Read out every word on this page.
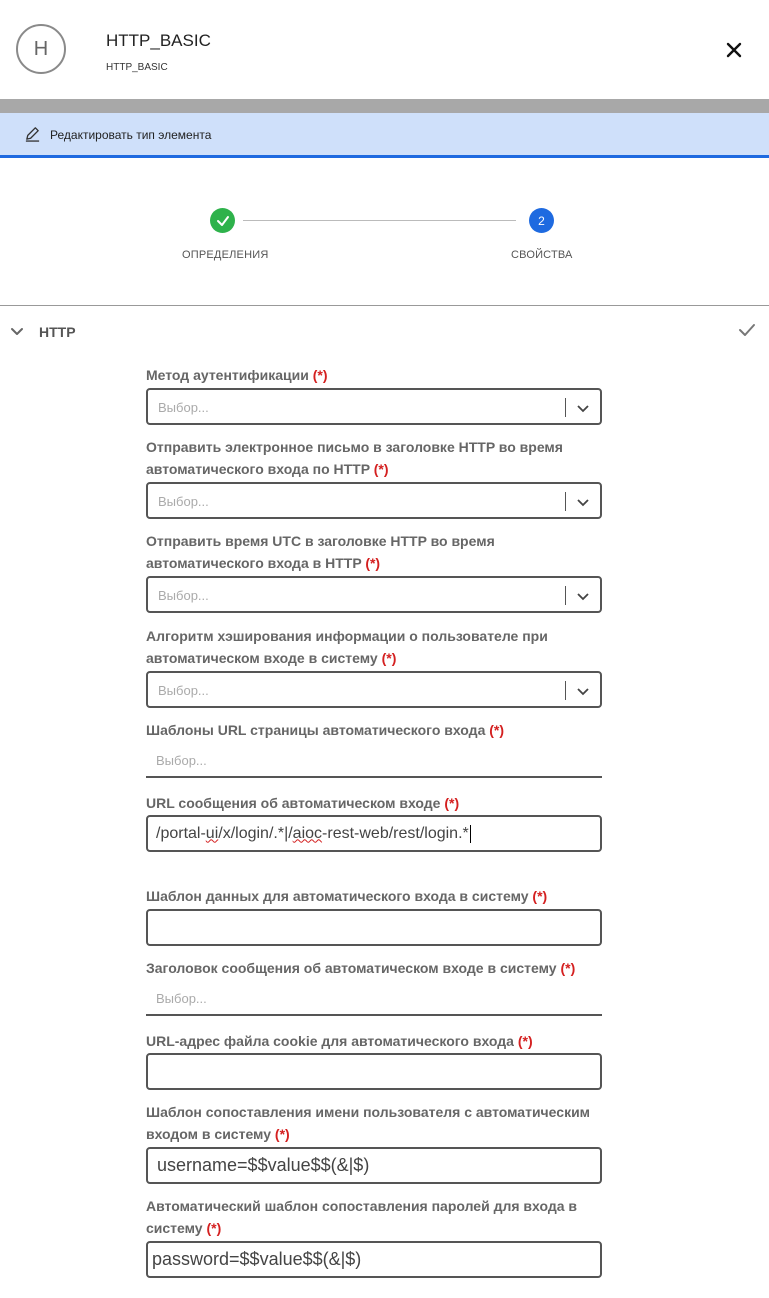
H	HTTP_BASIC
HTTP_BASIC
Редактировать тип элемента
2
ОПРЕДЕЛЕНИЯ	СВОЙСТВА
HTTP
Метод аутентификации (*)
Выбор...
Отправить электронное письмо в заголовке HTTP во время
автоматического входа по HTTP (*)
Выбор...
Отправить время UTC в заголовке HTTP во время
автоматического входа в HTTP (*)
Выбор...
Алгоритм хэширования информации о пользователе при
автоматическом входе в систему (*)
Выбор...
Шаблоны URL страницы автоматического входа (*)
Выбор...
URL сообщения об автоматическом входе (*)
/portal- ui /x/login/.*|/ aioc -rest-web/rest/login.*
Шаблон данных для автоматического входа в систему (*)
Заголовок сообщения об автоматическом входе в систему (*)
Выбор...
URL-адрес файла cookie для автоматического входа (*)
Шаблон сопоставления имени пользователя с автоматическим
входом в систему (*)
username=$$value$$(&|$)
Автоматический шаблон сопоставления паролей для входа в
систему (*)
password=$$value$$(&|$)
